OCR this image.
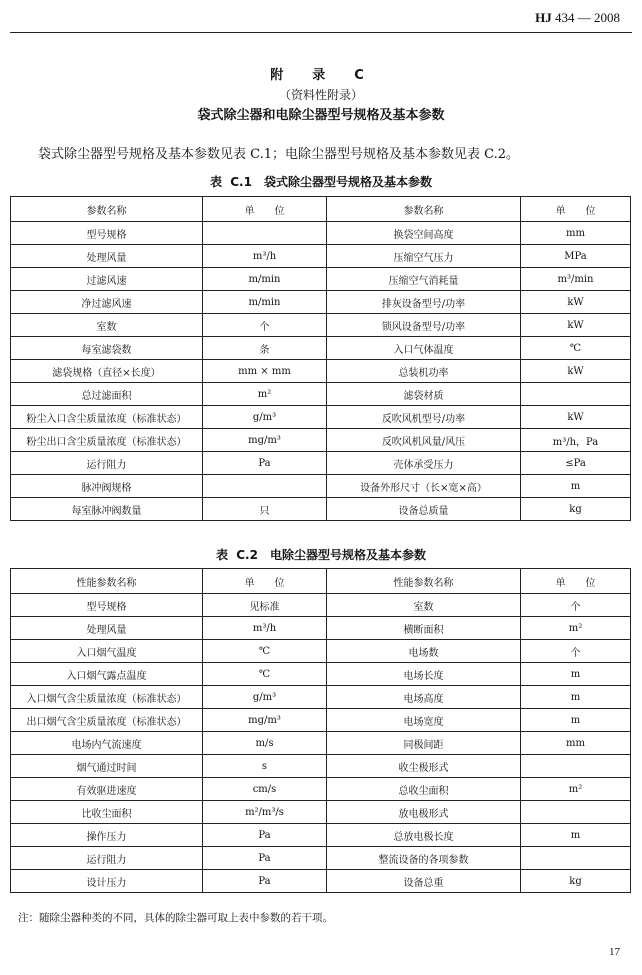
HJ 434 — 2008
附　录　C
（资料性附录）
袋式除尘器和电除尘器型号规格及基本参数
袋式除尘器型号规格及基本参数见表 C.1；电除尘器型号规格及基本参数见表 C.2。
表 C.1　袋式除尘器型号规格及基本参数
参数名称	单　　位	参数名称	单　　位
型号规格		换袋空间高度	mm
处理风量	m³/h	压缩空气压力	MPa
过滤风速	m/min	压缩空气消耗量	m³/min
净过滤风速	m/min	排灰设备型号/功率	kW
室数	个	锁风设备型号/功率	kW
每室滤袋数	条	入口气体温度	℃
滤袋规格（直径×长度）	mm × mm	总装机功率	kW
总过滤面积	m²	滤袋材质	
粉尘入口含尘质量浓度（标准状态）	g/m³	反吹风机型号/功率	kW
粉尘出口含尘质量浓度（标准状态）	mg/m³	反吹风机风量/风压	m³/h，Pa
运行阻力	Pa	壳体承受压力	≤Pa
脉冲阀规格		设备外形尺寸（长×宽×高）	m
每室脉冲阀数量	只	设备总质量	kg
表 C.2　电除尘器型号规格及基本参数
性能参数名称	单　　位	性能参数名称	单　　位
型号规格	见标准	室数	个
处理风量	m³/h	横断面积	m²
入口烟气温度	℃	电场数	个
入口烟气露点温度	℃	电场长度	m
入口烟气含尘质量浓度（标准状态）	g/m³	电场高度	m
出口烟气含尘质量浓度（标准状态）	mg/m³	电场宽度	m
电场内气流速度	m/s	同极间距	mm
烟气通过时间	s	收尘极形式	
有效驱进速度	cm/s	总收尘面积	m²
比收尘面积	m²/m³/s	放电极形式	
操作压力	Pa	总放电极长度	m
运行阻力	Pa	整流设备的各项参数	
设计压力	Pa	设备总重	kg
注：随除尘器种类的不同，具体的除尘器可取上表中参数的若干项。
17
